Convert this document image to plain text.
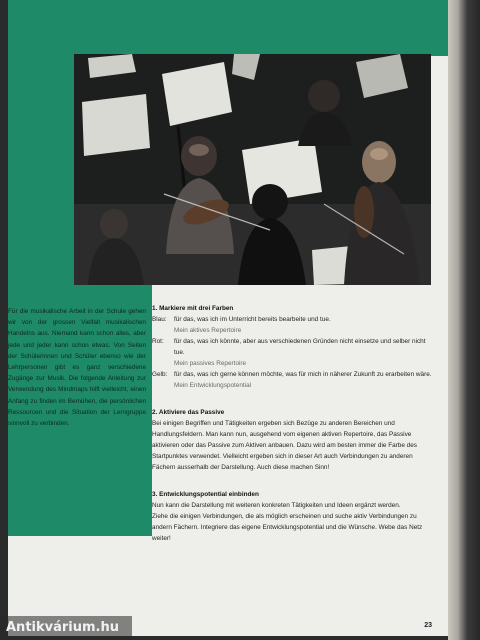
Für die musikalische Arbeit in der Schule gehen wir von der grossen Vielfalt musikalischen Handelns aus. Niemand kann schon alles, aber jede und jeder kann schon etwas. Von Seiten der Schülerinnen und Schüler ebenso wie der Lehrpersonen gibt es ganz verschiedene Zugänge zur Musik. Die folgende Anleitung zur Verwendung des Mindmaps hilft vielleicht, einen Anfang zu finden im Bemühen, die persönlichen Ressourcen und die Situation der Lerngruppe sinnvoll zu verbinden.

1. Markiere mit drei Farben

Blau:	für das, was ich im Unterricht bereits bearbeite und tue.
Mein aktives Repertoire
Rot:	für das, was ich könnte, aber aus verschiedenen Gründen nicht einsetze und selber nicht tue.
Mein passives Repertoire
Gelb:	für das, was ich gerne können möchte, was für mich in näherer Zukunft zu erarbeiten wäre.
Mein Entwicklungspotential

2. Aktiviere das Passive

Bei einigen Begriffen und Tätigkeiten ergeben sich Bezüge zu anderen Bereichen und Handlungsfeldern. Man kann nun, ausgehend vom eigenen aktiven Repertoire, das Passive aktivieren oder das Passive zum Aktiven anbauen. Dazu wird am besten immer die Farbe des Startpunktes verwendet. Vielleicht ergeben sich in dieser Art auch Verbindungen zu anderen Fächern ausserhalb der Darstellung. Auch diese machen Sinn!

3. Entwicklungspotential einbinden

Nun kann die Darstellung mit weiteren konkreten Tätigkeiten und Ideen ergänzt werden.

Ziehe die einigen Verbindungen, die als möglich erscheinen und suche aktiv Verbindungen zu andern Fächern. Integriere das eigene Entwicklungspotential und die Wünsche. Webe das Netz weiter!

23
Antikvárium.hu
